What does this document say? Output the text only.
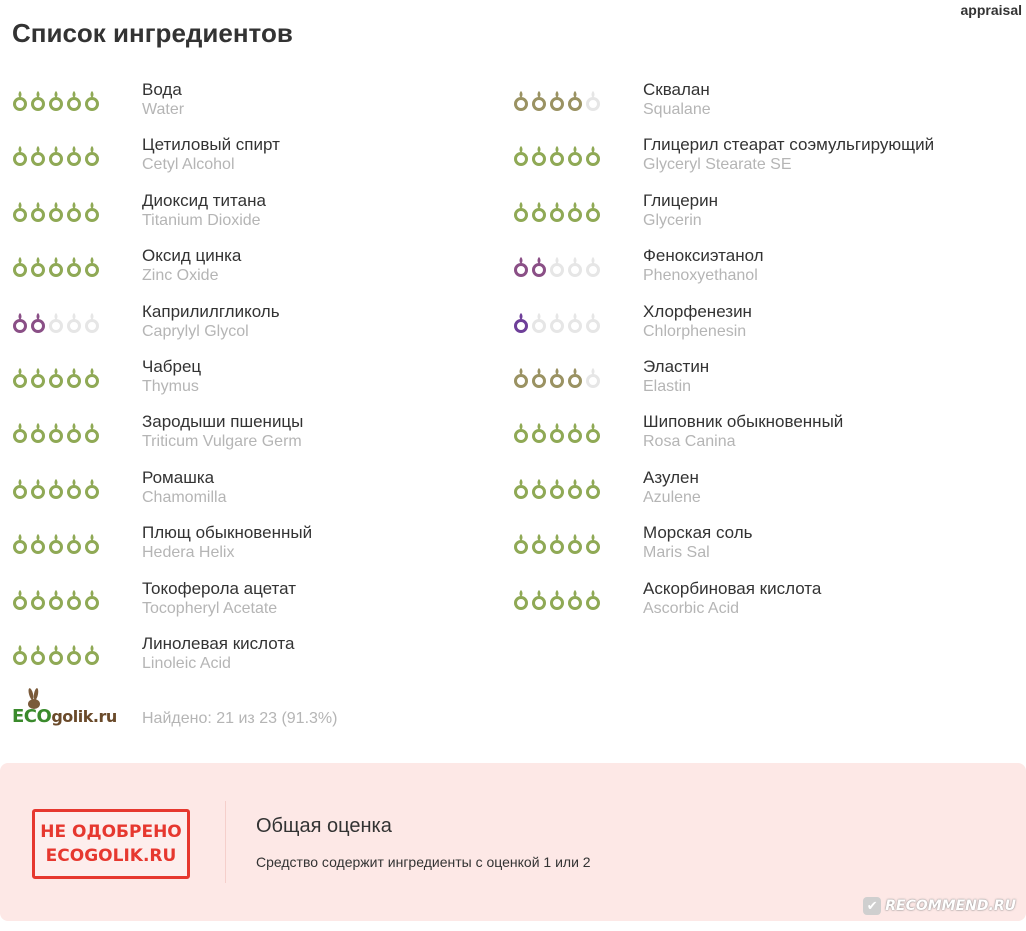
appraisal
Список ингредиентов
Вода
Water
Цетиловый спирт
Cetyl Alcohol
Диоксид титана
Titanium Dioxide
Оксид цинка
Zinc Oxide
Каприлилгликоль
Caprylyl Glycol
Чабрец
Thymus
Зародыши пшеницы
Triticum Vulgare Germ
Ромашка
Chamomilla
Плющ обыкновенный
Hedera Helix
Токоферола ацетат
Tocopheryl Acetate
Линолевая кислота
Linoleic Acid
Сквалан
Squalane
Глицерил стеарат соэмульгирующий
Glyceryl Stearate SE
Глицерин
Glycerin
Феноксиэтанол
Phenoxyethanol
Хлорфенезин
Chlorphenesin
Эластин
Elastin
Шиповник обыкновенный
Rosa Canina
Азулен
Azulene
Морская соль
Maris Sal
Аскорбиновая кислота
Ascorbic Acid
ECOgolik.ru Найдено: 21 из 23 (91.3%)
НЕ ОДОБРЕНО
ECOGOLIK.RU
Общая оценка
Средство содержит ингредиенты с оценкой 1 или 2
✔ RECOMMEND.RU
